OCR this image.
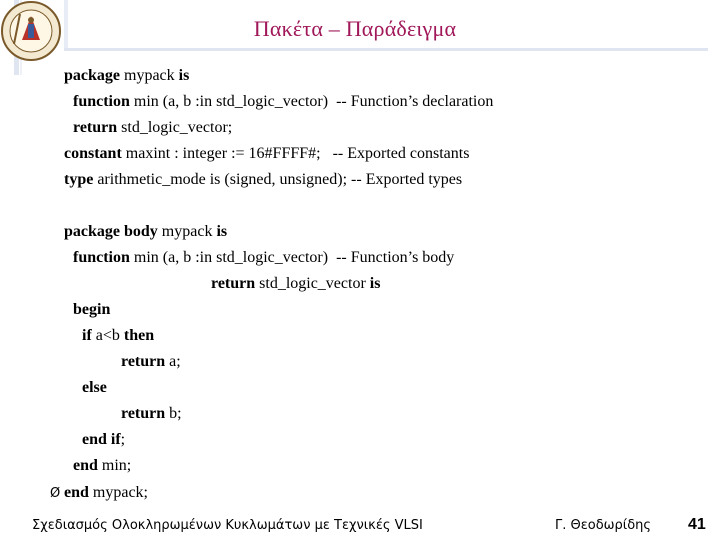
Πακέτα – Παράδειγμα
package mypack is
function min (a, b :in std_logic_vector)  -- Function’s declaration
return std_logic_vector;
constant maxint : integer := 16#FFFF#;   -- Exported constants
type arithmetic_mode is (signed, unsigned); -- Exported types
package body mypack is
function min (a, b :in std_logic_vector)  -- Function’s body
return std_logic_vector is
begin
if a<b then
return a;
else
return b;
end if;
end min;
Ø end mypack;
Σχεδιασμός Ολοκληρωμένων Κυκλωμάτων με Τεχνικές VLSI	Γ. Θεοδωρίδης 41
